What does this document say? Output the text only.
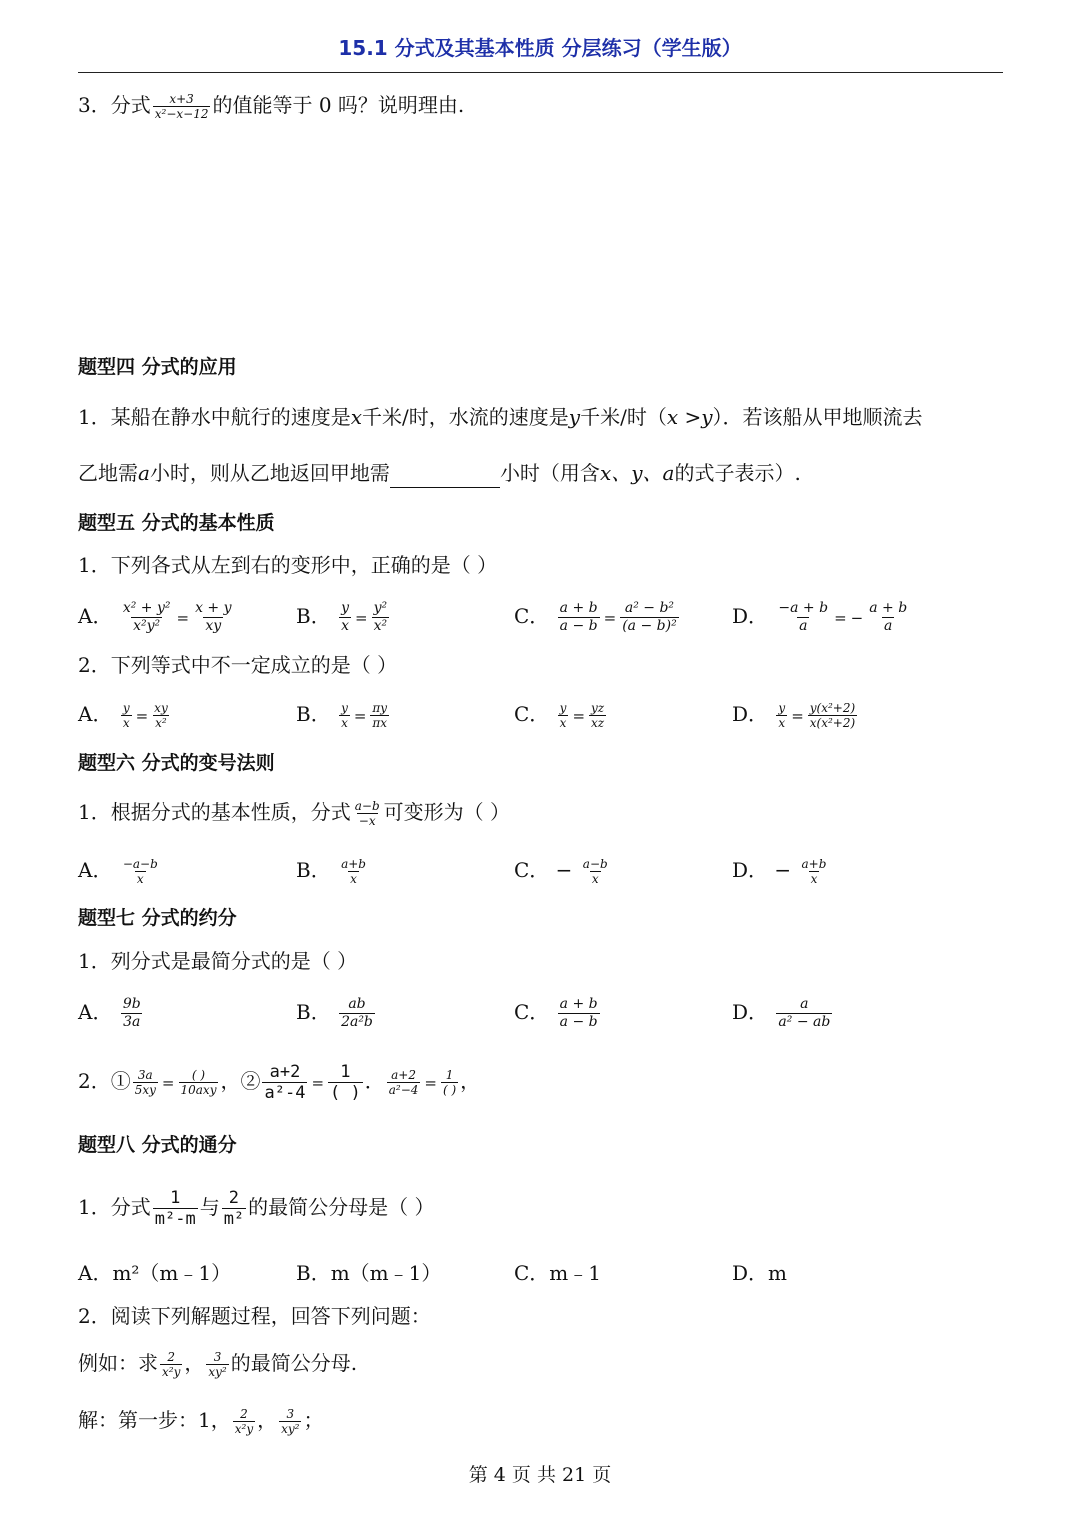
15.1 分式及其基本性质 分层练习（学生版）
3．分式 $\frac{x+3}{\text{x²−x−12}}$ 的值能等于 0 吗？说明理由.
题型四 分式的应用
1．某船在静水中航行的速度是x千米/时，水流的速度是y千米/时（x >y）．若该船从甲地顺流去
乙地需a小时，则从乙地返回甲地需	小时（用含x、y、a的式子表示）.
题型五 分式的基本性质
1．下列各式从左到右的变形中，正确的是（ ）
A． $\frac{\text{x² + y²}}{\text{x²y²}} = \frac{x + y}{xy}$	B． $\frac{y}{x} = \frac{\text{y²}}{\text{x²}}$	C． $\frac{a + b}{a - b} = \frac{\text{a² − b²}}{\text{(a − b)²}}$	D． $\frac{-a + b}{a}$ = − $\frac{a + b}{a}$
2．下列等式中不一定成立的是（ ）
A． $\frac{y}{x} = \frac{xy}{\text{x²}}$	B． $\frac{y}{x} = \frac{\pi y}{\pi x}$	C． $\frac{y}{x} = \frac{yz}{xz}$	D． $\frac{y}{x} = \frac{\text{y(x²+2)}}{\text{x(x²+2)}}$
题型六 分式的变号法则
1．根据分式的基本性质，分式 $\frac{a-b}{-x}$ 可变形为（ ）
A． $\frac{-a-b}{x}$	B． $\frac{a+b}{x}$	C． − $\frac{a-b}{x}$	D． − $\frac{a+b}{x}$
题型七 分式的约分
1．列分式是最简分式的是（ ）
A． $\frac{9b}{3a}$	B． $\frac{ab}{\text{2a²b}}$	C． $\frac{a + b}{a - b}$	D． $\frac{a}{\text{a² − ab}}$
2．① $\frac{3a}{5xy} = \frac{( )}{\text{10axy}}$ ，② $\frac{a+2}{\text{a²-4}} = \frac{1}{( )}$ ． $\frac{a+2}{\text{a²−4}} = \frac{1}{( )}$ ，
题型八 分式的通分
1．分式 $\frac{1}{\text{m²-m}}$ 与 $\frac{2}{\text{m²}}$ 的最简公分母是（ ）
A．m²（m﹣1）	B．m（m﹣1）	C．m﹣1	D．m
2．阅读下列解题过程，回答下列问题：
例如：求 $\frac{2}{\text{x²y}}$ ， $\frac{3}{\text{xy²}}$ 的最简公分母.
解：第一步：1， $\frac{2}{\text{x²y}}$ ， $\frac{3}{\text{xy²}}$ ；
第 4 页 共 21 页
